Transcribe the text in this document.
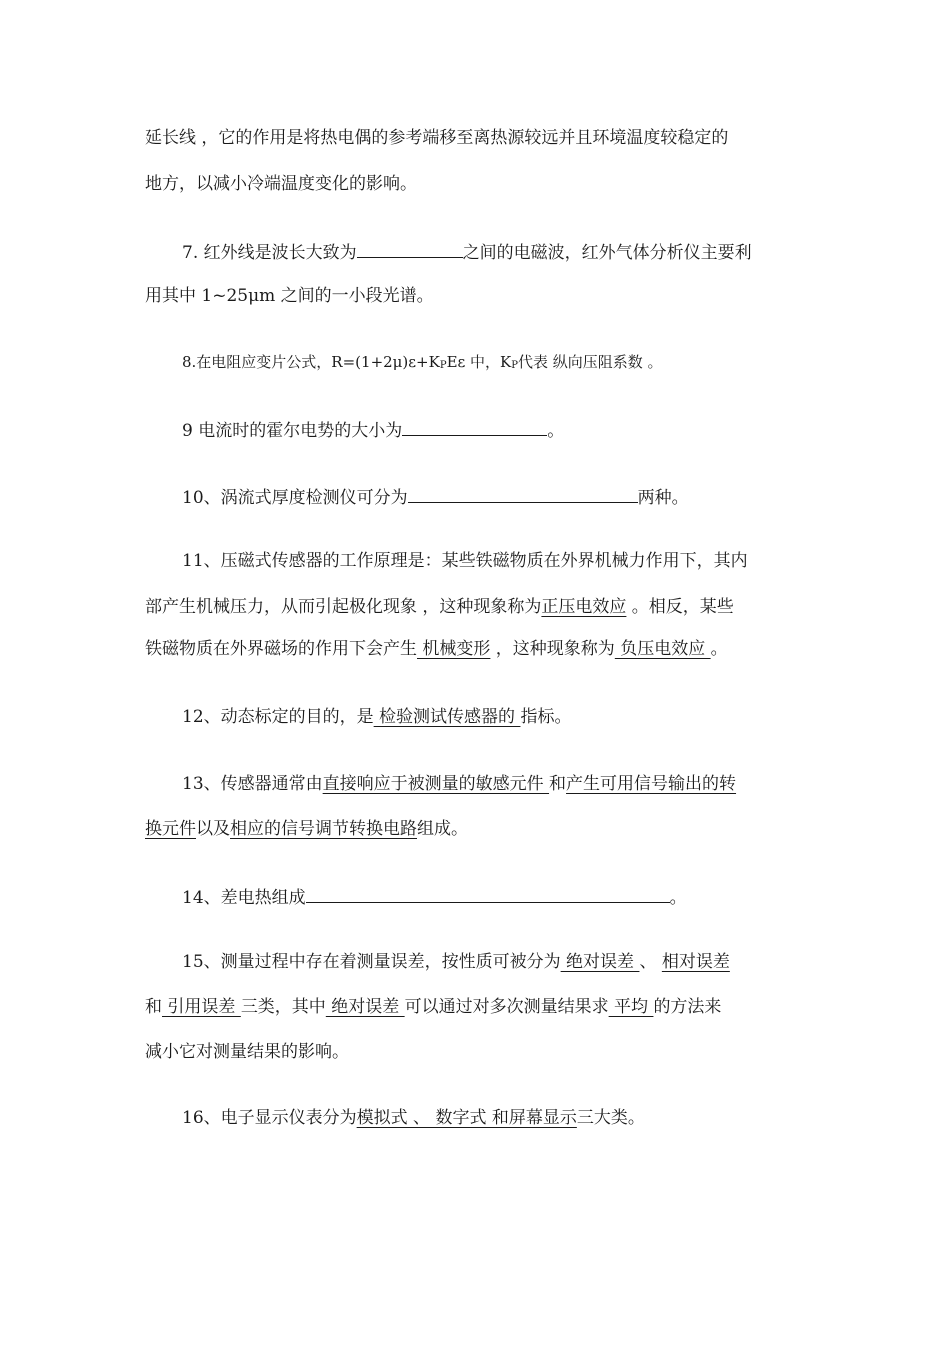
延长线 ，它的作用是将热电偶的参考端移至离热源较远并且环境温度较稳定的
地方，以减小冷端温度变化的影响。
7. 红外线是波长大致为	之间的电磁波，红外气体分析仪主要利
用其中 1~25μm 之间的一小段光谱。
8.在电阻应变片公式，R=(1+2μ)ε+KPEε 中，KP代表 纵向压阻系数 。
9 电流时的霍尔电势的大小为	。
10、涡流式厚度检测仪可分为	两种。
11、压磁式传感器的工作原理是：某些铁磁物质在外界机械力作用下，其内
部产生机械压力，从而引起极化现象 ，这种现象称为正压电效应 。相反，某些
铁磁物质在外界磁场的作用下会产生 机械变形 ，这种现象称为 负压电效应 。
12、动态标定的目的，是 检验测试传感器的 指标。
13、传感器通常由直接响应于被测量的敏感元件 和产生可用信号输出的转
换元件以及相应的信号调节转换电路组成。
14、差电热组成	。
15、测量过程中存在着测量误差，按性质可被分为 绝对误差 、 相对误差
和 引用误差 三类，其中 绝对误差 可以通过对多次测量结果求 平均 的方法来
减小它对测量结果的影响。
16、电子显示仪表分为模拟式 、 数字式 和屏幕显示三大类。
